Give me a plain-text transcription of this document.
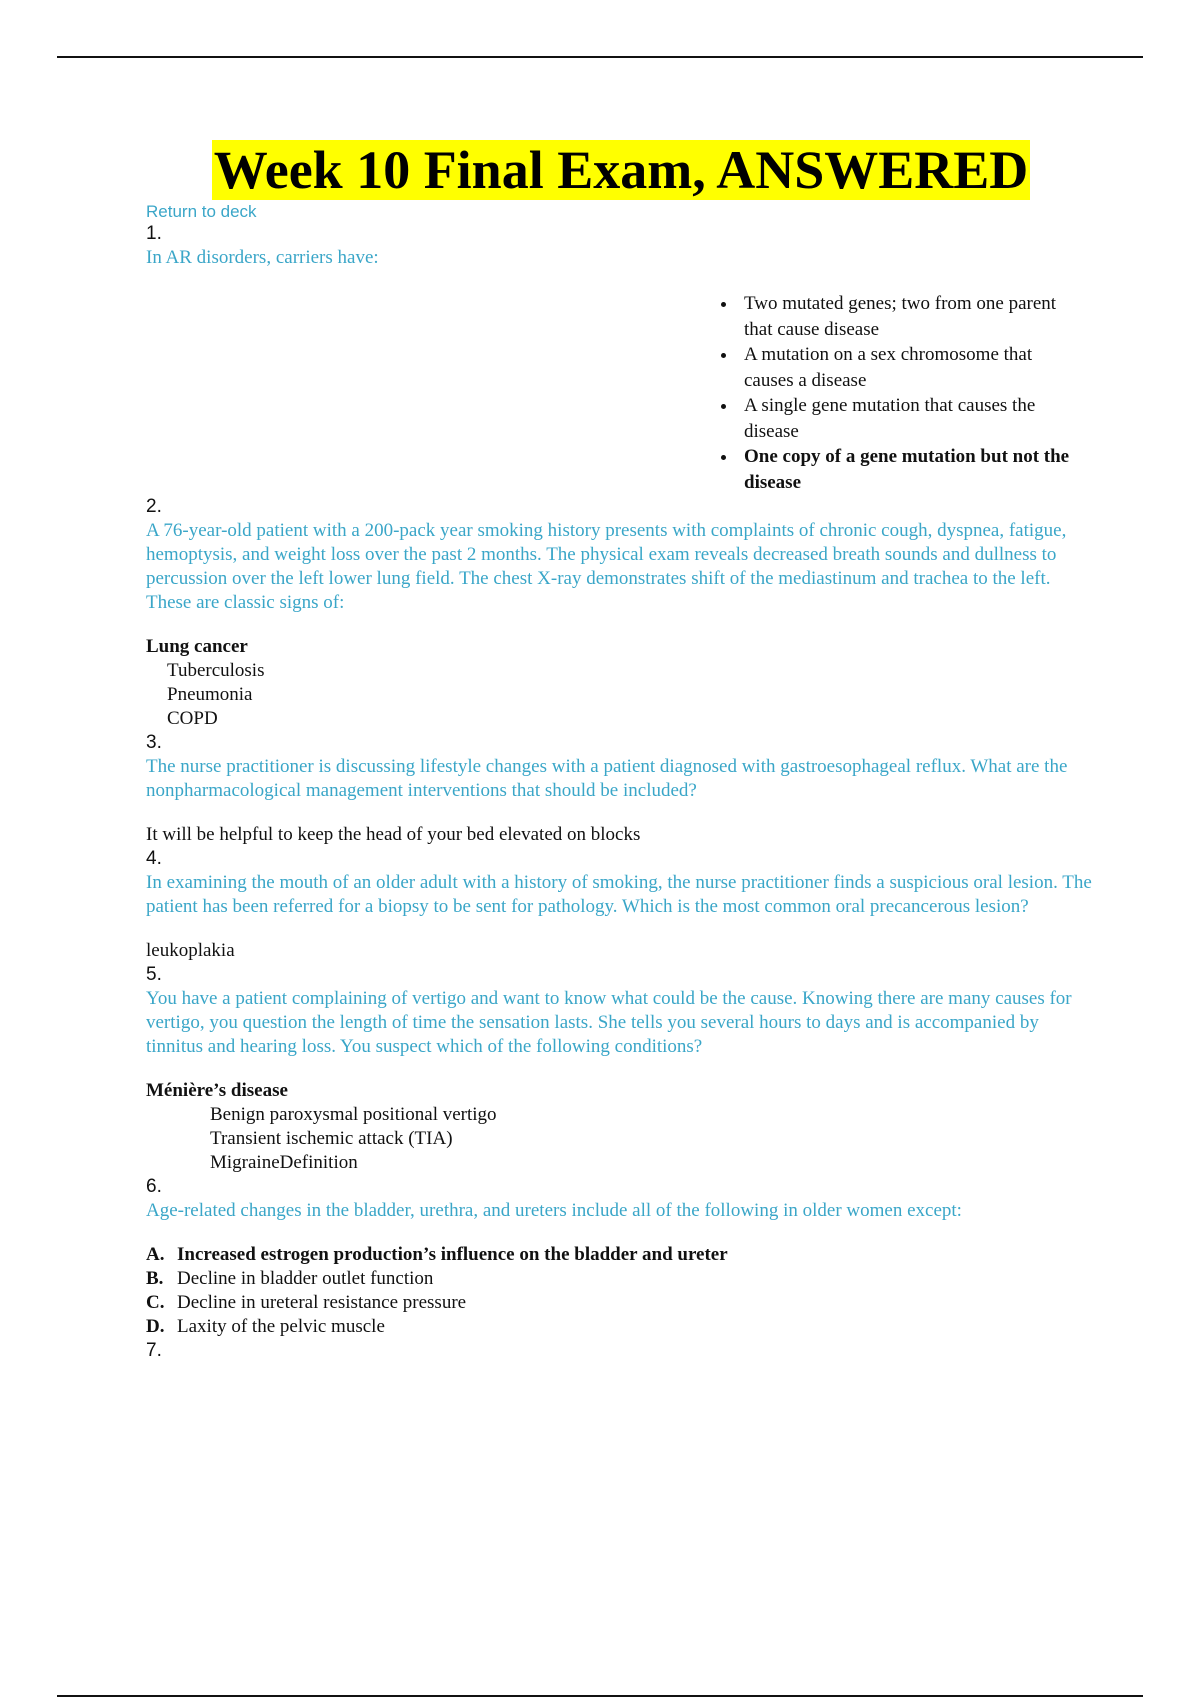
Week 10 Final Exam, ANSWERED
Return to deck

1.

In AR disorders, carriers have:

• Two mutated genes; two from one parent that cause disease
• A mutation on a sex chromosome that causes a disease
• A single gene mutation that causes the disease
• One copy of a gene mutation but not the disease

2.

A 76-year-old patient with a 200-pack year smoking history presents with complaints of chronic cough, dyspnea, fatigue, hemoptysis, and weight loss over the past 2 months. The physical exam reveals decreased breath sounds and dullness to percussion over the left lower lung field. The chest X-ray demonstrates shift of the mediastinum and trachea to the left. These are classic signs of:

Lung cancer

Tuberculosis

Pneumonia

COPD

3.

The nurse practitioner is discussing lifestyle changes with a patient diagnosed with gastroesophageal reflux. What are the nonpharmacological management interventions that should be included?

It will be helpful to keep the head of your bed elevated on blocks

4.

In examining the mouth of an older adult with a history of smoking, the nurse practitioner finds a suspicious oral lesion. The patient has been referred for a biopsy to be sent for pathology. Which is the most common oral precancerous lesion?

leukoplakia

5.

You have a patient complaining of vertigo and want to know what could be the cause. Knowing there are many causes for vertigo, you question the length of time the sensation lasts. She tells you several hours to days and is accompanied by tinnitus and hearing loss. You suspect which of the following conditions?

Ménière’s disease

Benign paroxysmal positional vertigo

Transient ischemic attack (TIA)

MigraineDefinition

6.

Age-related changes in the bladder, urethra, and ureters include all of the following in older women except:

A. Increased estrogen production’s influence on the bladder and ureter

B. Decline in bladder outlet function

C. Decline in ureteral resistance pressure

D. Laxity of the pelvic muscle

7.
